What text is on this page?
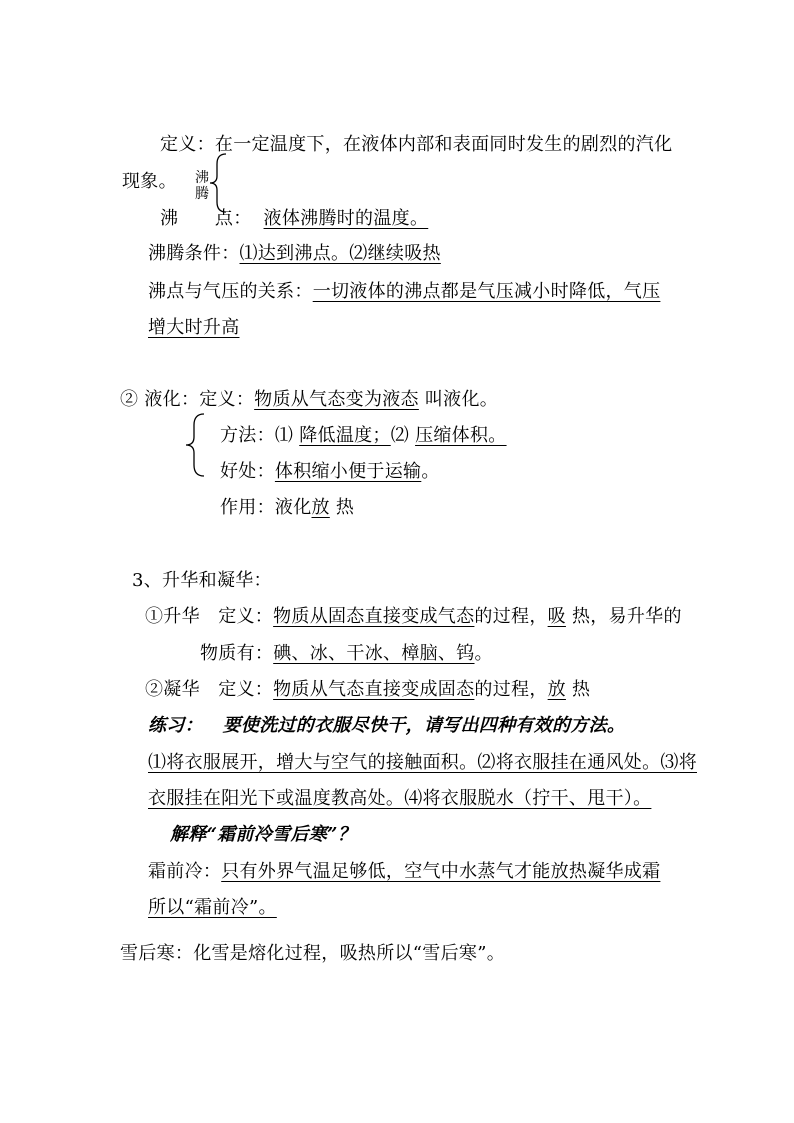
定义：在一定温度下，在液体内部和表面同时发生的剧烈的汽化
现象。 沸腾
沸　　点： 液体沸腾时的温度。
沸腾条件：⑴达到沸点。⑵继续吸热
沸点与气压的关系：一切液体的沸点都是气压减小时降低，气压
增大时升高
② 液化：定义：物质从气态变为液态 叫液化。
方法：⑴ 降低温度；⑵ 压缩体积。
好处：体积缩小便于运输。
作用：液化放 热
3、升华和凝华：
①升华　定义：物质从固态直接变成气态的过程，吸 热，易升华的
物质有：碘、冰、干冰、樟脑、钨。
②凝华　定义：物质从气态直接变成固态的过程，放 热
练习： 要使洗过的衣服尽快干，请写出四种有效的方法。
⑴将衣服展开，增大与空气的接触面积。⑵将衣服挂在通风处。⑶将
衣服挂在阳光下或温度教高处。⑷将衣服脱水（拧干、甩干）。
解释“霜前冷雪后寒”？
霜前冷：只有外界气温足够低，空气中水蒸气才能放热凝华成霜
所以“霜前冷”。
雪后寒：化雪是熔化过程，吸热所以“雪后寒”。
